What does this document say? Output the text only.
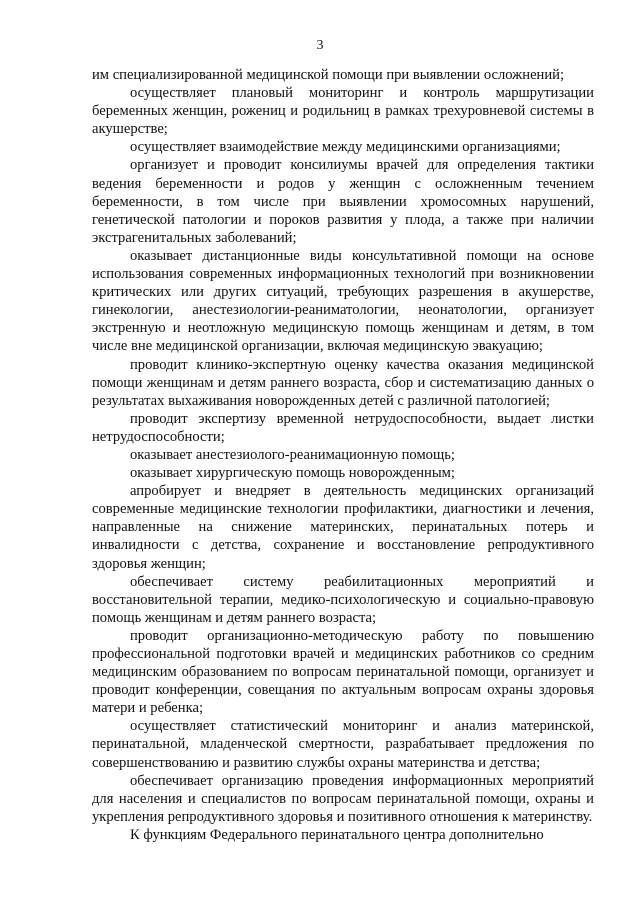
3

им специализированной медицинской помощи при выявлении осложнений;

осуществляет плановый мониторинг и контроль маршрутизации беременных женщин, рожениц и родильниц в рамках трехуровневой системы в акушерстве;

осуществляет взаимодействие между медицинскими организациями;

организует и проводит консилиумы врачей для определения тактики ведения беременности и родов у женщин с осложненным течением беременности, в том числе при выявлении хромосомных нарушений, генетической патологии и пороков развития у плода, а также при наличии экстрагенитальных заболеваний;

оказывает дистанционные виды консультативной помощи на основе использования современных информационных технологий при возникновении критических или других ситуаций, требующих разрешения в акушерстве, гинекологии, анестезиологии-реаниматологии, неонатологии, организует экстренную и неотложную медицинскую помощь женщинам и детям, в том числе вне медицинской организации, включая медицинскую эвакуацию;

проводит клинико-экспертную оценку качества оказания медицинской помощи женщинам и детям раннего возраста, сбор и систематизацию данных о результатах выхаживания новорожденных детей с различной патологией;

проводит экспертизу временной нетрудоспособности, выдает листки нетрудоспособности;

оказывает анестезиолого-реанимационную помощь;

оказывает хирургическую помощь новорожденным;

апробирует и внедряет в деятельность медицинских организаций современные медицинские технологии профилактики, диагностики и лечения, направленные на снижение материнских, перинатальных потерь и инвалидности с детства, сохранение и восстановление репродуктивного здоровья женщин;

обеспечивает систему реабилитационных мероприятий и восстановительной терапии, медико-психологическую и социально-правовую помощь женщинам и детям раннего возраста;

проводит организационно-методическую работу по повышению профессиональной подготовки врачей и медицинских работников со средним медицинским образованием по вопросам перинатальной помощи, организует и проводит конференции, совещания по актуальным вопросам охраны здоровья матери и ребенка;

осуществляет статистический мониторинг и анализ материнской, перинатальной, младенческой смертности, разрабатывает предложения по совершенствованию и развитию службы охраны материнства и детства;

обеспечивает организацию проведения информационных мероприятий для населения и специалистов по вопросам перинатальной помощи, охраны и укрепления репродуктивного здоровья и позитивного отношения к материнству.

К функциям Федерального перинатального центра дополнительно
